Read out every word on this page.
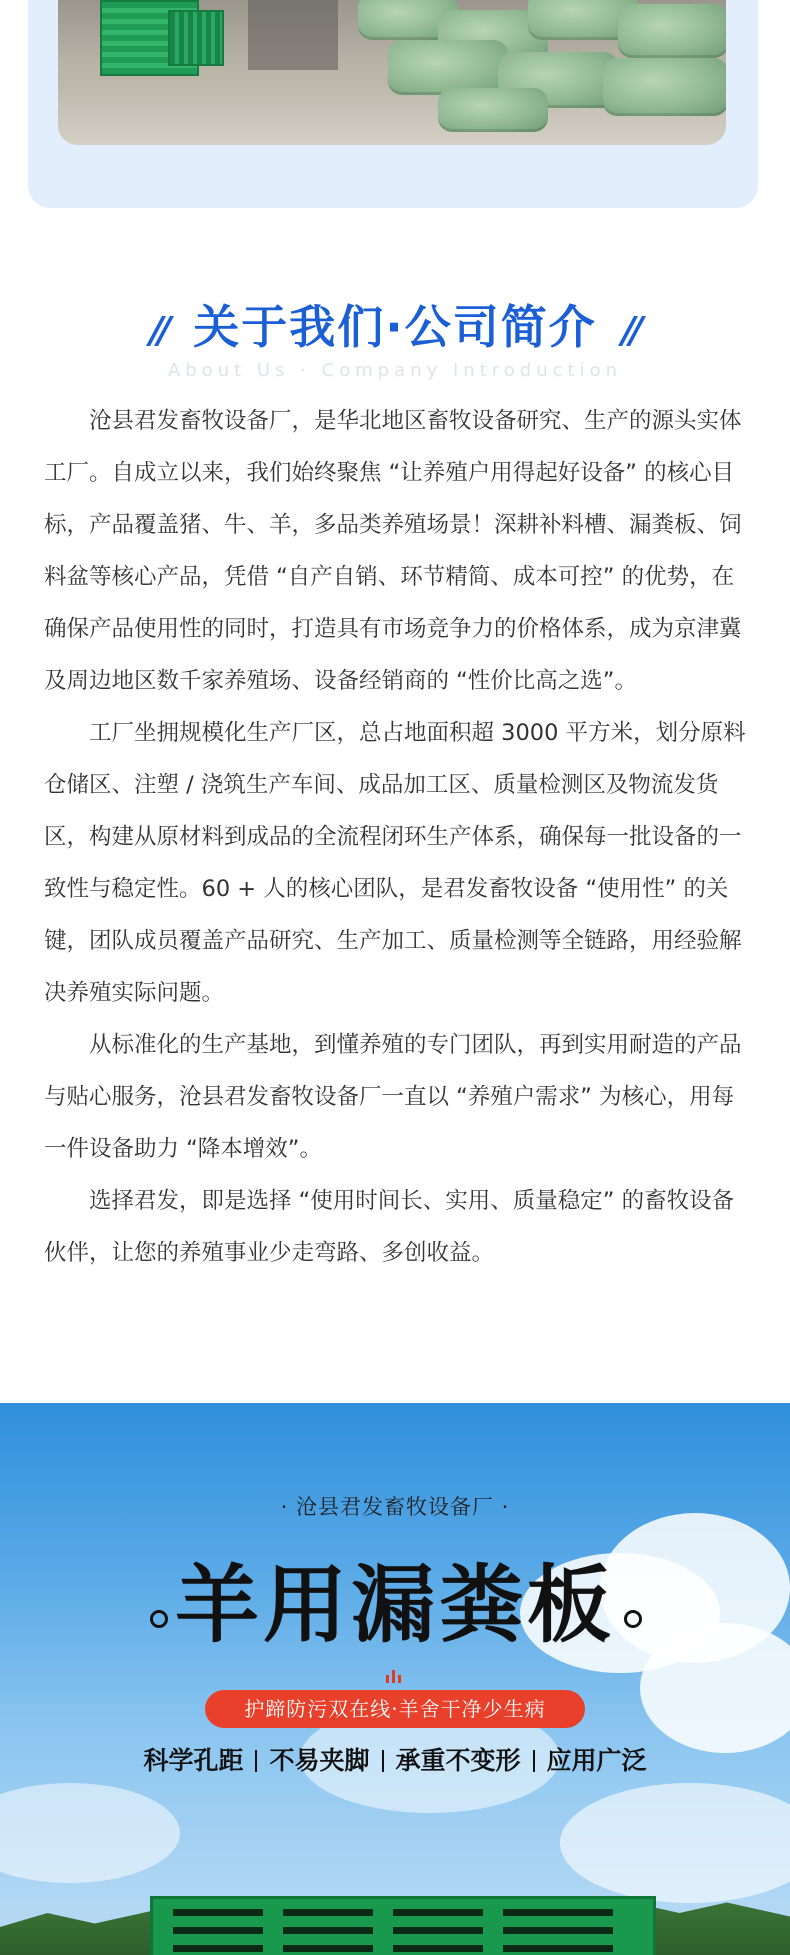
关于我们·公司简介
About Us · Company Introduction

沧县君发畜牧设备厂，是华北地区畜牧设备研究、生产的源头实体工厂。自成立以来，我们始终聚焦 “让养殖户用得起好设备” 的核心目标，产品覆盖猪、牛、羊，多品类养殖场景！深耕补料槽、漏粪板、饲料盆等核心产品，凭借 “自产自销、环节精简、成本可控” 的优势，在确保产品使用性的同时，打造具有市场竞争力的价格体系，成为京津冀及周边地区数千家养殖场、设备经销商的 “性价比高之选”。

工厂坐拥规模化生产厂区，总占地面积超 3000 平方米，划分原料仓储区、注塑 / 浇筑生产车间、成品加工区、质量检测区及物流发货区，构建从原材料到成品的全流程闭环生产体系，确保每一批设备的一致性与稳定性。60 + 人的核心团队，是君发畜牧设备 “使用性” 的关键，团队成员覆盖产品研究、生产加工、质量检测等全链路，用经验解决养殖实际问题。

从标准化的生产基地，到懂养殖的专门团队，再到实用耐造的产品与贴心服务，沧县君发畜牧设备厂一直以 “养殖户需求” 为核心，用每一件设备助力 “降本增效”。

选择君发，即是选择 “使用时间长、实用、质量稳定” 的畜牧设备伙伴，让您的养殖事业少走弯路、多创收益。

· 沧县君发畜牧设备厂 ·
羊用漏粪板
护蹄防污双在线·羊舍干净少生病
科学孔距 不易夹脚 承重不变形 应用广泛
